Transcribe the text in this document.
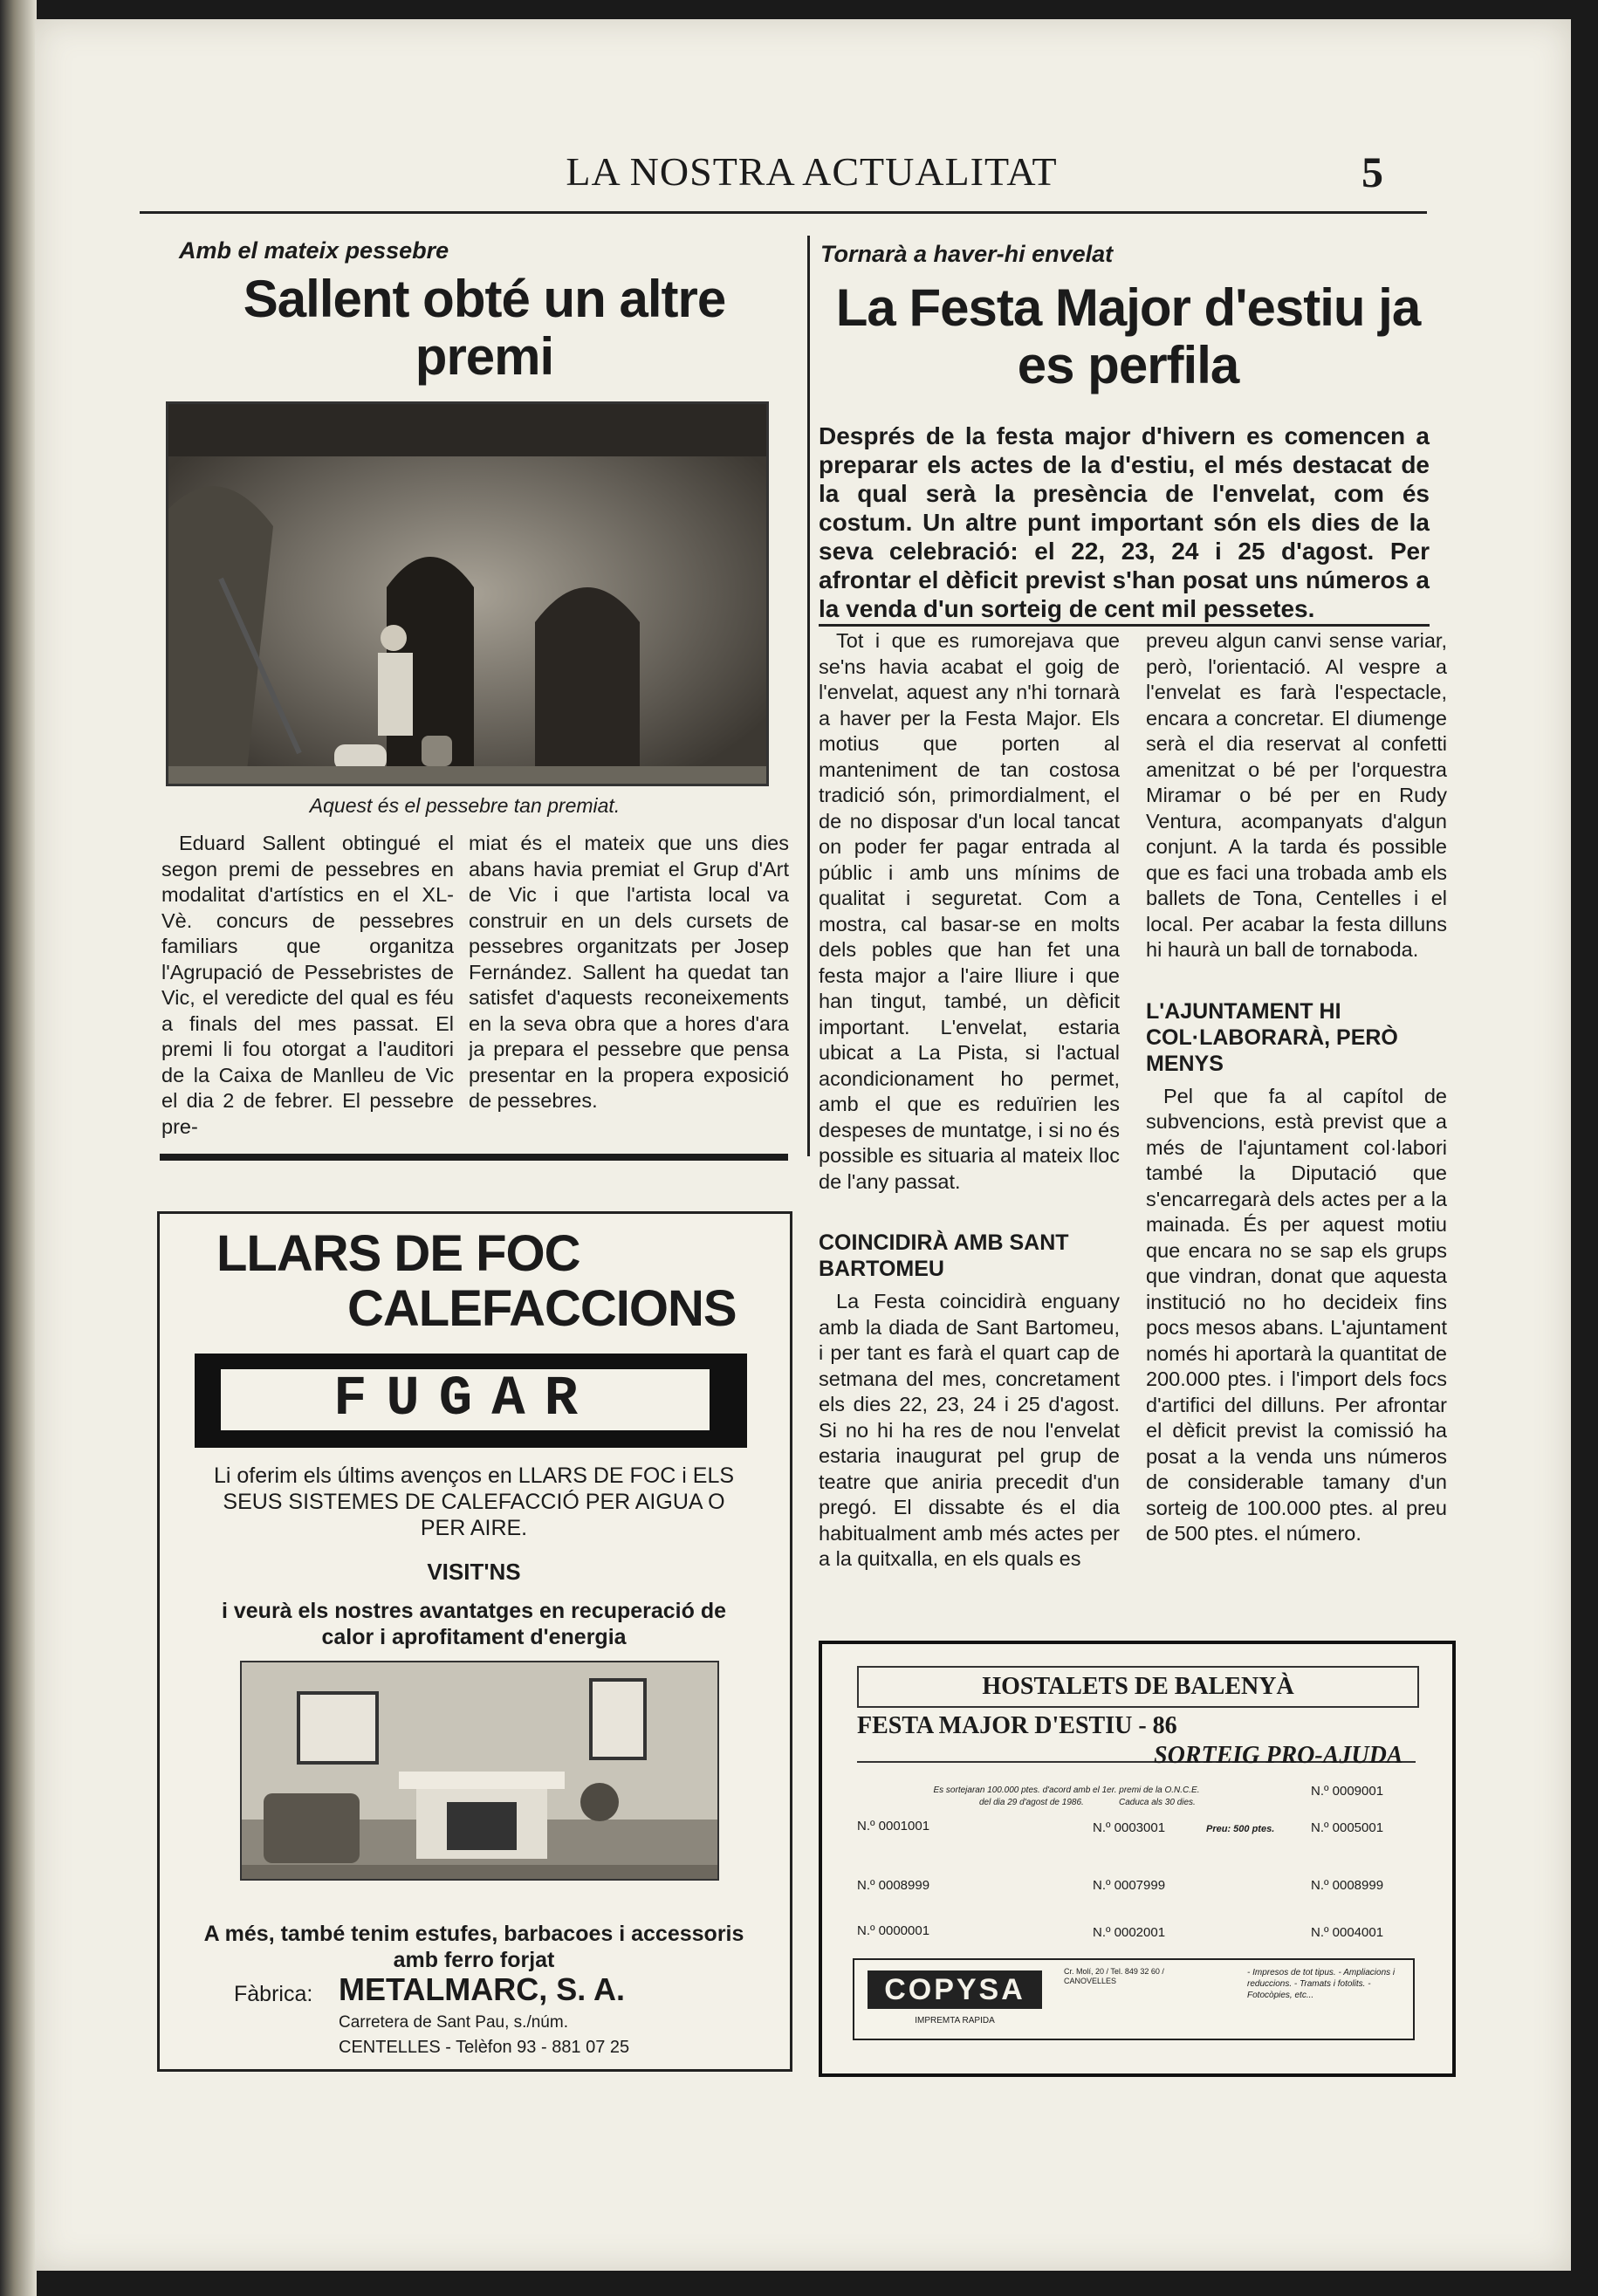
LA NOSTRA ACTUALITAT	5
Amb el mateix pessebre
Sallent obté un altre premi
Aquest és el pessebre tan premiat.
Eduard Sallent obtingué el segon premi de pessebres en modalitat d'artístics en el XL-Vè. concurs de pessebres familiars que organitza l'Agrupació de Pessebristes de Vic, el veredicte del qual es féu a finals del mes passat. El premi li fou otorgat a l'auditori de la Caixa de Manlleu de Vic el dia 2 de febrer. El pessebre pre-
miat és el mateix que uns dies abans havia premiat el Grup d'Art de Vic i que l'artista local va construir en un dels cursets de pessebres organitzats per Josep Fernández. Sallent ha quedat tan satisfet d'aquests reconeixements en la seva obra que a hores d'ara ja prepara el pessebre que pensa presentar en la propera exposició de pessebres.
Tornarà a haver-hi envelat
La Festa Major d'estiu ja es perfila
Després de la festa major d'hivern es comencen a preparar els actes de la d'estiu, el més destacat de la qual serà la presència de l'envelat, com és costum. Un altre punt important són els dies de la seva celebració: el 22, 23, 24 i 25 d'agost. Per afrontar el dèficit previst s'han posat uns números a la venda d'un sorteig de cent mil pessetes.
Tot i que es rumorejava que se'ns havia acabat el goig de l'envelat, aquest any n'hi tornarà a haver per la Festa Major. Els motius que porten al manteniment de tan costosa tradició són, primordialment, el de no disposar d'un local tancat on poder fer pagar entrada al públic i amb uns mínims de qualitat i seguretat. Com a mostra, cal basar-se en molts dels pobles que han fet una festa major a l'aire lliure i que han tingut, també, un dèficit important. L'envelat, estaria ubicat a La Pista, si l'actual acondicionament ho permet, amb el que es reduïrien les despeses de muntatge, i si no és possible es situaria al mateix lloc de l'any passat.
COINCIDIRÀ AMB SANT BARTOMEU
La Festa coincidirà enguany amb la diada de Sant Bartomeu, i per tant es farà el quart cap de setmana del mes, concretament els dies 22, 23, 24 i 25 d'agost. Si no hi ha res de nou l'envelat estaria inaugurat pel grup de teatre que aniria precedit d'un pregó. El dissabte és el dia habitualment amb més actes per a la quitxalla, en els quals es
preveu algun canvi sense variar, però, l'orientació. Al vespre a l'envelat es farà l'espectacle, encara a concretar. El diumenge serà el dia reservat al confetti amenitzat o bé per l'orquestra Miramar o bé per en Rudy Ventura, acompanyats d'algun conjunt. A la tarda és possible que es faci una trobada amb els ballets de Tona, Centelles i el local. Per acabar la festa dilluns hi haurà un ball de tornaboda.
L'AJUNTAMENT HI COL·LABORARÀ, PERÒ MENYS
Pel que fa al capítol de subvencions, està previst que a més de l'ajuntament col·labori també la Diputació que s'encarregarà dels actes per a la mainada. És per aquest motiu que encara no se sap els grups que vindran, donat que aquesta institució no ho decideix fins pocs mesos abans. L'ajuntament només hi aportarà la quantitat de 200.000 ptes. i l'import dels focs d'artifici del dilluns. Per afrontar el dèficit previst la comissió ha posat a la venda uns números de considerable tamany d'un sorteig de 100.000 ptes. al preu de 500 ptes. el número.
LLARS DE FOC
CALEFACCIONS
FUGAR
Li oferim els últims avenços en LLARS DE FOC i ELS SEUS SISTEMES DE CALEFACCIÓ PER AIGUA O PER AIRE.
VISIT'NS
i veurà els nostres avantatges en recuperació de calor i aprofitament d'energia
A més, també tenim estufes, barbacoes i accessoris amb ferro forjat
Fàbrica: METALMARC, S. A.
Carretera de Sant Pau, s./núm.
CENTELLES - Telèfon 93 - 881 07 25
HOSTALETS DE BALENYÀ
FESTA MAJOR D'ESTIU - 86
SORTEIG PRO-AJUDA
Es sortejaran 100.000 ptes. d'acord amb el 1er. premi de la O.N.C.E.
del dia 29 d'agost de 1986.	Caduca als 30 dies.
Preu: 500 ptes.
N.º 0001001	N.º 0003001	N.º 0005001
N.º 0009001
N.º 0008999	N.º 0007999	N.º 0008999
N.º 0000001	N.º 0002001	N.º 0004001
COPYSA
IMPREMTA RAPIDA
Cr. Molí, 20 / Tel. 849 32 60 / CANOVELLES
- Impresos de tot tipus. - Ampliacions i reduccions. - Tramats i fotolits. - Fotocòpies, etc...
